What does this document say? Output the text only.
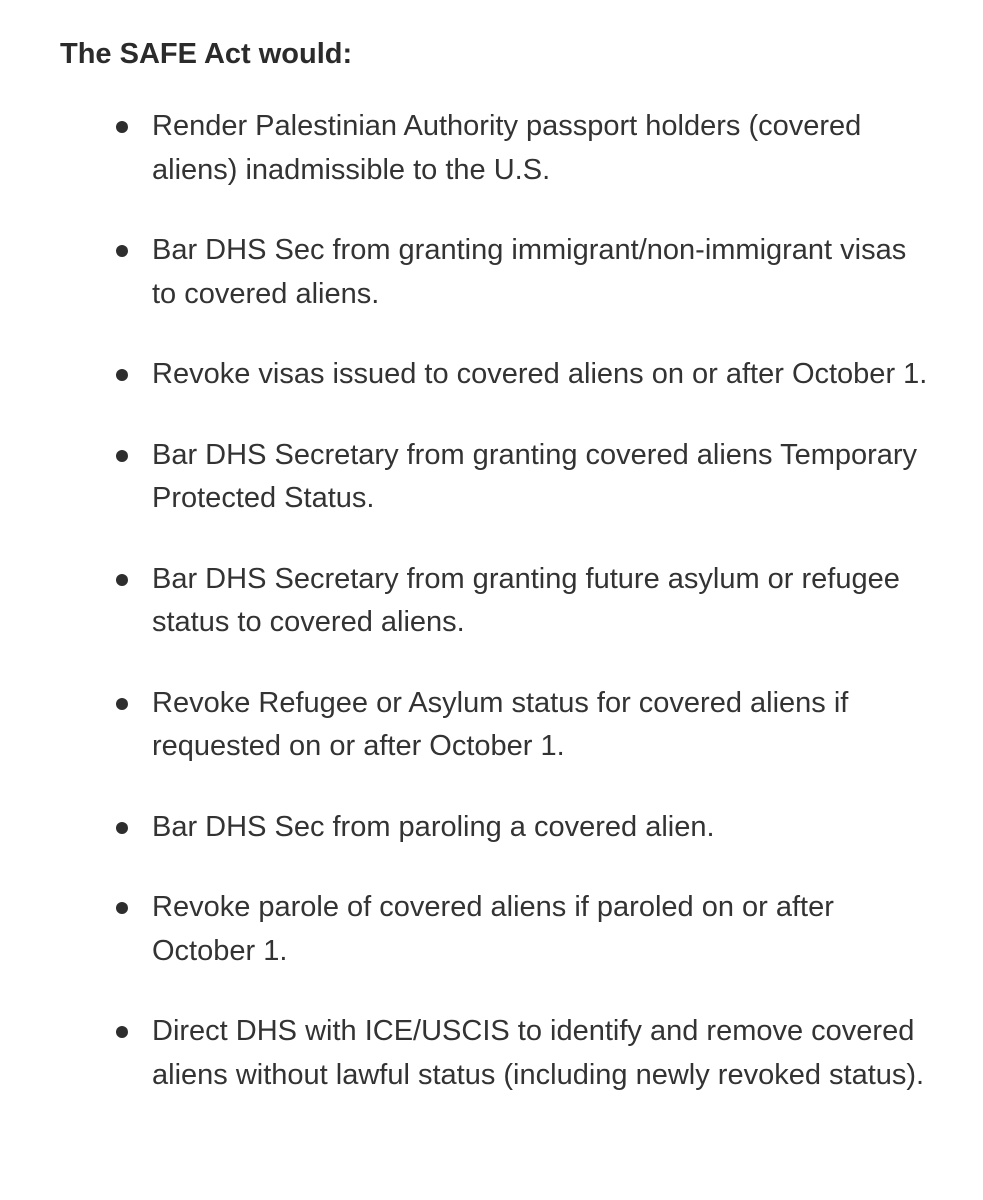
The SAFE Act would:
Render Palestinian Authority passport holders (covered aliens) inadmissible to the U.S.
Bar DHS Sec from granting immigrant/non-immigrant visas to covered aliens.
Revoke visas issued to covered aliens on or after October 1.
Bar DHS Secretary from granting covered aliens Temporary Protected Status.
Bar DHS Secretary from granting future asylum or refugee status to covered aliens.
Revoke Refugee or Asylum status for covered aliens if requested on or after October 1.
Bar DHS Sec from paroling a covered alien.
Revoke parole of covered aliens if paroled on or after October 1.
Direct DHS with ICE/USCIS to identify and remove covered aliens without lawful status (including newly revoked status).
